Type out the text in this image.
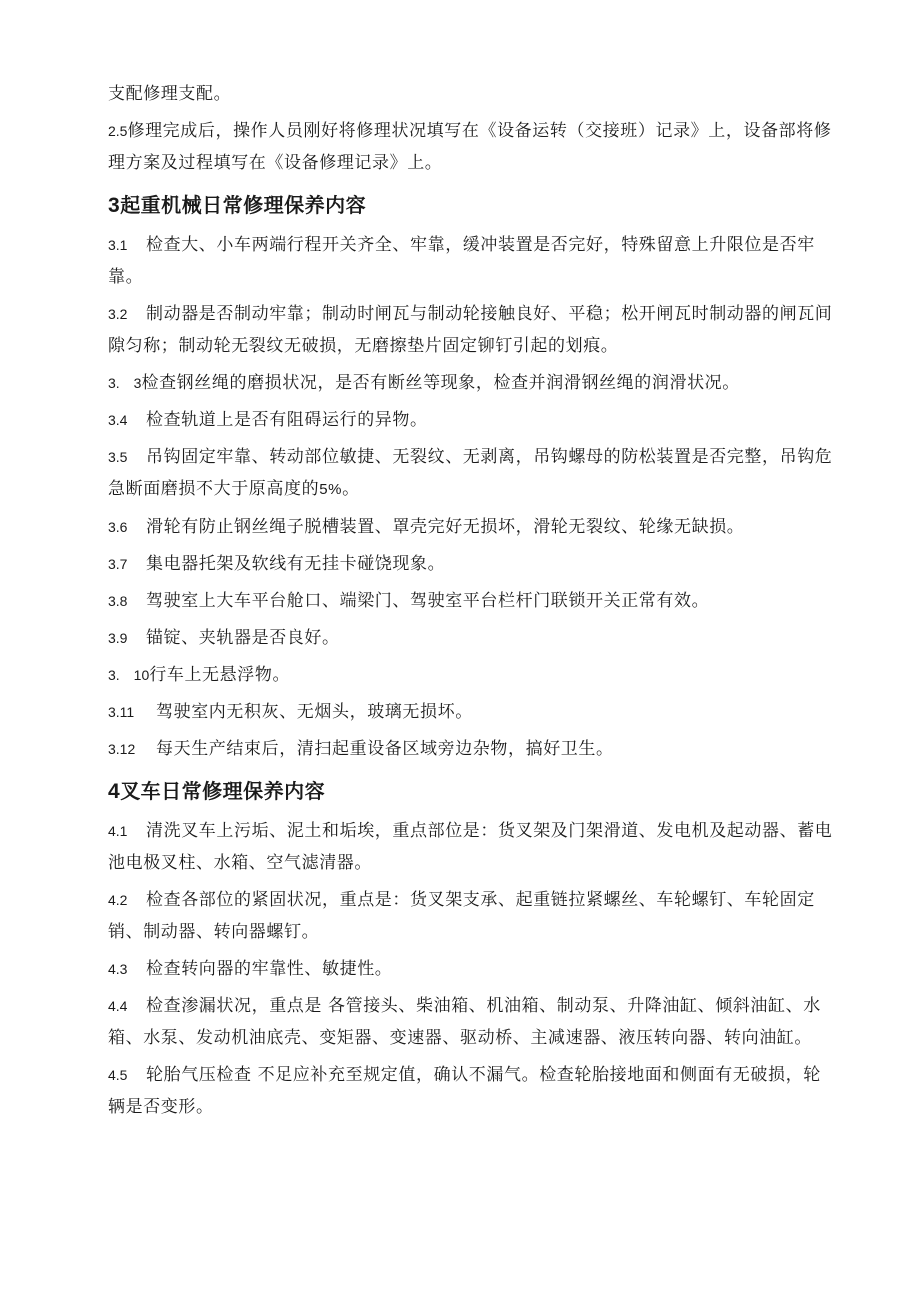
支配修理支配。

2.5修理完成后，操作人员刚好将修理状况填写在《设备运转（交接班）记录》上，设备部将修理方案及过程填写在《设备修理记录》上。

3起重机械日常修理保养内容

3.1 检查大、小车两端行程开关齐全、牢靠，缓冲装置是否完好，特殊留意上升限位是否牢靠。

3.2 制动器是否制动牢靠；制动时闸瓦与制动轮接触良好、平稳；松开闸瓦时制动器的闸瓦间隙匀称；制动轮无裂纹无破损，无磨擦垫片固定铆钉引起的划痕。

3.　3检查钢丝绳的磨损状况，是否有断丝等现象，检查并润滑钢丝绳的润滑状况。

3.4 检查轨道上是否有阻碍运行的异物。

3.5 吊钩固定牢靠、转动部位敏捷、无裂纹、无剥离，吊钩螺母的防松装置是否完整，吊钩危急断面磨损不大于原高度的5%。

3.6 滑轮有防止钢丝绳子脱槽装置、罩壳完好无损坏，滑轮无裂纹、轮缘无缺损。

3.7 集电器托架及软线有无挂卡碰饶现象。

3.8 驾驶室上大车平台舱口、端梁门、驾驶室平台栏杆门联锁开关正常有效。

3.9 锚锭、夹轨器是否良好。

3.　10行车上无悬浮物。

3.11 驾驶室内无积灰、无烟头，玻璃无损坏。

3.12 每天生产结束后，清扫起重设备区域旁边杂物，搞好卫生。

4叉车日常修理保养内容

4.1 清洗叉车上污垢、泥土和垢埃，重点部位是：货叉架及门架滑道、发电机及起动器、蓄电池电极叉柱、水箱、空气滤清器。

4.2 检查各部位的紧固状况，重点是：货叉架支承、起重链拉紧螺丝、车轮螺钉、车轮固定销、制动器、转向器螺钉。

4.3 检查转向器的牢靠性、敏捷性。

4.4 检查渗漏状况，重点是 各管接头、柴油箱、机油箱、制动泵、升降油缸、倾斜油缸、水箱、水泵、发动机油底壳、变矩器、变速器、驱动桥、主减速器、液压转向器、转向油缸。

4.5 轮胎气压检查 不足应补充至规定值，确认不漏气。检查轮胎接地面和侧面有无破损，轮辆是否变形。
